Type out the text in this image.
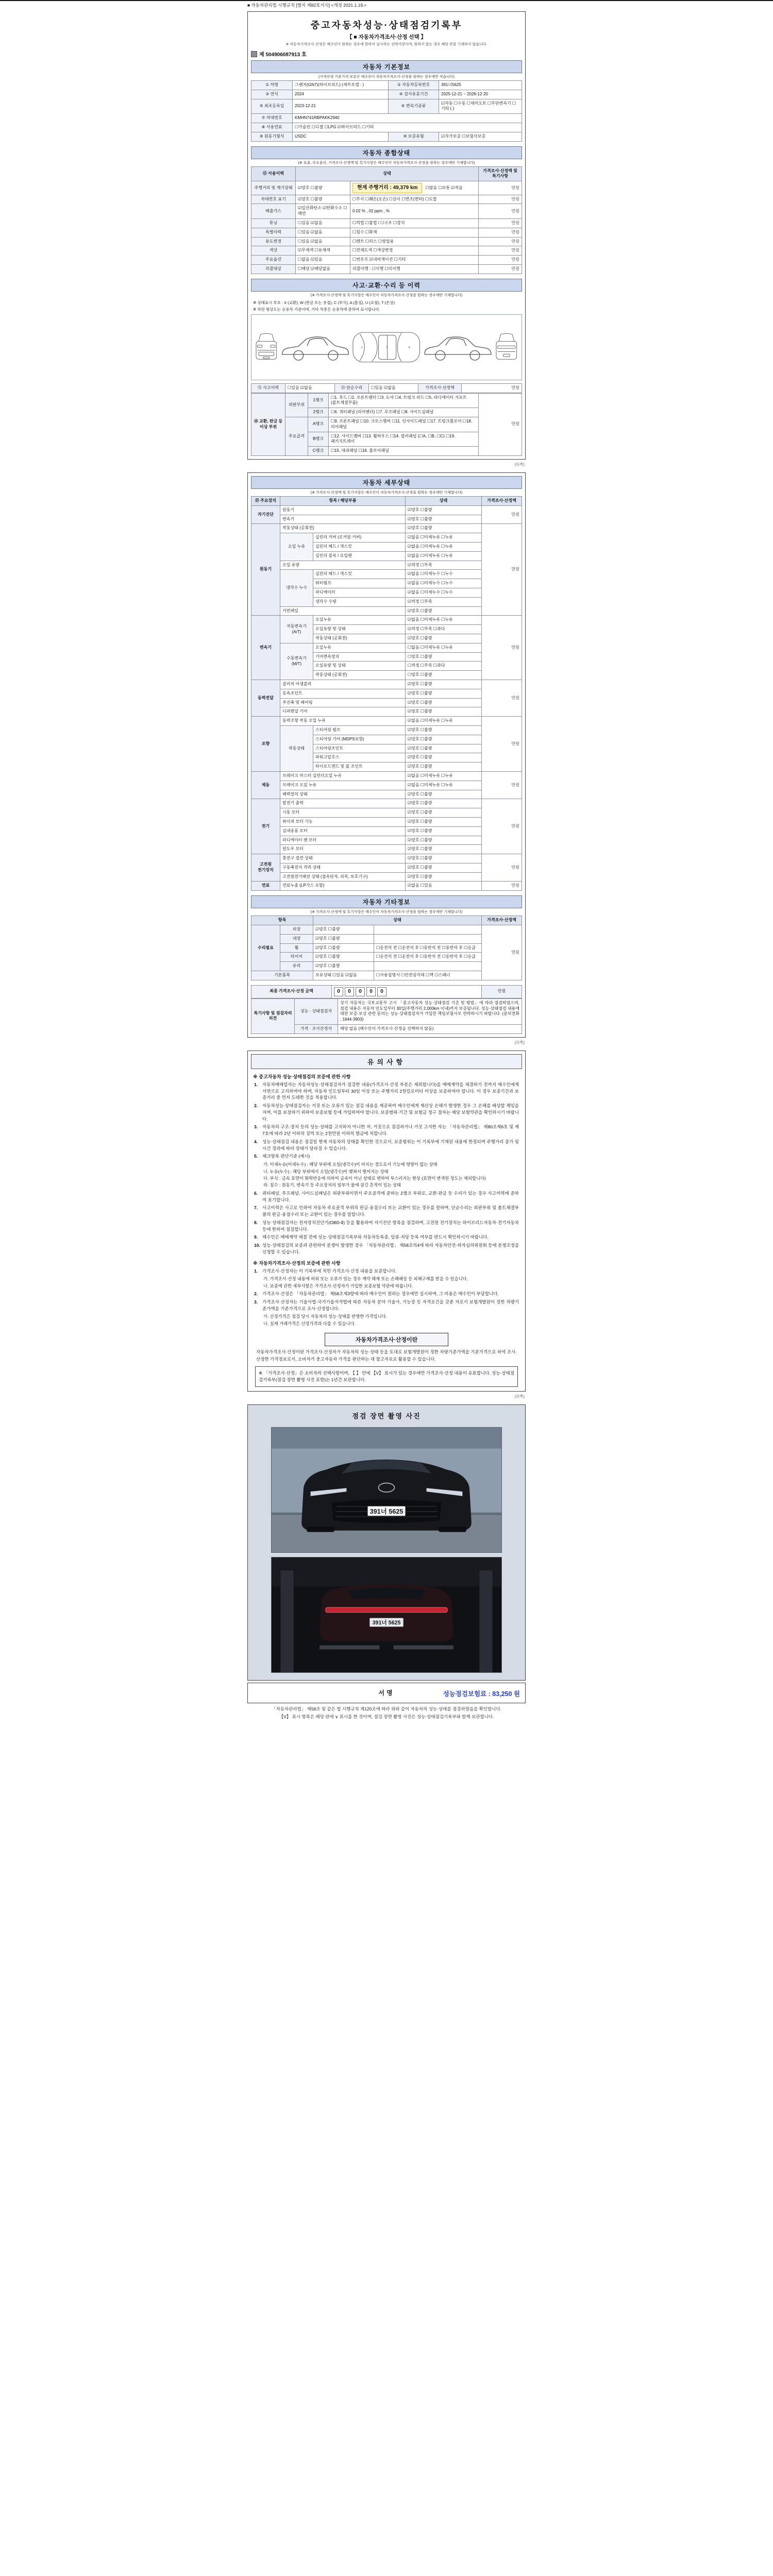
■ 자동차관리법 시행규칙 [별지 제82호서식] <개정 2021.1.19.>
중고자동차성능·상태점검기록부
【 ■ 자동차가격조사·산정 선택 】
※ 자동차가격조사·산정은 매수인이 원하는 경우에 한하여 실시하는 선택사항이며, 원하지 않는 경우 해당 란을 기재하지 않습니다.
제 504906087913 호
자동차 기본정보
(가격산정 기준가격 부분은 매수인이 자동차가격조사·산정을 원하는 경우에만 적습니다)
① 차명	그랜저(GN7)(하이브리드) (세부모델 : )	② 자동차등록번호	391너5625
③ 연식	2024	④ 검사유효기간	2025-12-21 ~ 2026-12-20
⑤ 최초등록일	2023-12-21	⑥ 변속기종류	☑자동 ☐수동 ☐세미오토 ☐무단변속기 ☐기타 ( )
⑦ 차대번호	KMHN741RBPAKK2940		
⑧ 사용연료	☐가솔린 ☐디젤 ☐LPG ☑하이브리드 ☐기타		
⑨ 원동기형식	USDC	⑩ 보증유형	☑자가보증 ☐보험사보증
자동차 종합상태
(※ 효율, 주요옵션, 가격조사·산정액 및 특기사항은 매수인이 자동차가격조사·산정을 원하는 경우에만 기재합니다)
⑪ 사용이력	상태		가격조사·산정액 및 특기사항
주행거리 및 계기상태	☑양호 ☐불량	현재 주행거리 : 49,379 km ☐많음 ☐보통 ☑적음	만원
차대번호 표기	☑양호 ☐불량	☐부식 ☐훼손(오손) ☐상이 ☐변조(변타) ☐도말	만원
배출가스	☑일산화탄소 ☑탄화수소 ☐매연	0.02 % , 02 ppm , %	만원
튜닝	☐있음 ☑없음	☐적법 ☐불법 / ☐구조 ☐장치	만원
특별이력	☐있음 ☑없음	☐침수 ☐화재	만원
용도변경	☐있음 ☑없음	☐렌트 ☐리스 ☐영업용	만원
색상	☑무채색 ☐유채색	☐전체도색 ☐색상변경	만원
주요옵션	☐없음 ☑있음	☐썬루프 ☑네비게이션 ☐기타	만원
리콜대상	☐해당 ☑해당없음	리콜이행 : ☐이행 ☐미이행	만원
사고·교환·수리 등 이력
(※ 가격조사·산정액 및 특기사항은 매수인이 자동차가격조사·산정을 원하는 경우에만 기재합니다)
※ 상태표시 부호 : X (교환), W (판금 또는 용접), C (부식), A (흠집), U (요철), T (손상)
※ 하단 형상도는 승용차 기준이며, 기타 차종은 승용차에 준하여 표시합니다.
1	7	4
⑫ 사고이력	☐있음 ☑없음	⑬ 단순수리	☐있음 ☑없음	가격조사·산정액	만원
⑭ 교환, 판금 등 이상 부위	외판부위	1랭크	☐1. 후드 ☐2. 프론트펜더 ☐3. 도어 ☐4. 트렁크 리드 ☐5. 라디에이터 서포트 (볼트체결부품)	만원
		2랭크	☐6. 쿼터패널 (리어펜더) ☐7. 루프패널 ☐8. 사이드실패널	
	주요골격	A랭크	☐9. 프론트패널 ☐10. 크로스멤버 ☐11. 인사이드패널 ☐17. 트렁크플로어 ☐18. 리어패널	
		B랭크	☐12. 사이드멤버 ☐13. 휠하우스 ☐14. 필러패널 (☐A, ☐B, ☐C) ☐19. 패키지트레이	
		C랭크	☐15. 대쉬패널 ☐16. 플로어패널	
(뒤쪽)
자동차 세부상태
(※ 가격조사·산정액 및 특기사항은 매수인이 자동차가격조사·산정을 원하는 경우에만 기재합니다)
⑮ 주요장치	항목 / 해당부품		상태	가격조사·산정액
자기진단	원동기		☑양호 ☐불량	만원
	변속기		☑양호 ☐불량	
원동기	작동상태 (공회전)		☑양호 ☐불량	만원
	오일 누유	실린더 커버 (로커암 커버)	☑없음 ☐미세누유 ☐누유	
		실린더 헤드 / 개스킷	☑없음 ☐미세누유 ☐누유	
		실린더 블록 / 오일팬	☑없음 ☐미세누유 ☐누유	
	오일 유량		☑적정 ☐부족	
	냉각수 누수	실린더 헤드 / 개스킷	☑없음 ☐미세누수 ☐누수	
		워터펌프	☑없음 ☐미세누수 ☐누수	
		라디에이터	☑없음 ☐미세누수 ☐누수	
		냉각수 수량	☑적정 ☐부족	
	커먼레일		☑양호 ☐불량	
변속기	자동변속기 (A/T)	오일누유	☑없음 ☐미세누유 ☐누유	만원
		오일유량 및 상태	☑적정 ☐부족 ☐과다	
		작동상태 (공회전)	☑양호 ☐불량	
	수동변속기 (M/T)	오일누유	☐없음 ☐미세누유 ☐누유	
		기어변속장치	☐양호 ☐불량	
		오일유량 및 상태	☐적정 ☐부족 ☐과다	
		작동상태 (공회전)	☐양호 ☐불량	
동력전달	클러치 어셈블리		☑양호 ☐불량	만원
	등속조인트		☑양호 ☐불량	
	추진축 및 베어링		☑양호 ☐불량	
	디퍼렌셜 기어		☑양호 ☐불량	
조향	동력조향 작동 오일 누유		☑없음 ☐미세누유 ☐누유	만원
	작동상태	스티어링 펌프	☑양호 ☐불량	
		스티어링 기어 (MDPS포함)	☑양호 ☐불량	
		스티어링조인트	☑양호 ☐불량	
		파워고압호스	☑양호 ☐불량	
		타이로드엔드 및 볼 조인트	☑양호 ☐불량	
제동	브레이크 마스터 실린더오일 누유		☑없음 ☐미세누유 ☐누유	만원
	브레이크 오일 누유		☑없음 ☐미세누유 ☐누유	
	배력장치 상태		☑양호 ☐불량	
전기	발전기 출력		☑양호 ☐불량	만원
	시동 모터		☑양호 ☐불량	
	와이퍼 모터 기능		☑양호 ☐불량	
	실내송풍 모터		☑양호 ☐불량	
	라디에이터 팬 모터		☑양호 ☐불량	
	윈도우 모터		☑양호 ☐불량	
고전원 전기장치	충전구 절연 상태		☑양호 ☐불량	만원
	구동축전지 격리 상태		☑양호 ☐불량	
	고전원전기배선 상태 (접속단자, 피복, 보호기구)		☑양호 ☐불량	
연료	연료누출 (LP가스 포함)		☑없음 ☐있음	만원
자동차 기타정보
(※ 가격조사·산정액 및 특기사항은 매수인이 자동차가격조사·산정을 원하는 경우에만 기재합니다)
항목		상태		가격조사·산정액
수리필요	외장	☑양호 ☐불량		만원
	내장	☑양호 ☐불량		
	휠	☑양호 ☐불량	☐운전석 전 ☐운전석 후 ☐동반석 전 ☐동반석 후 ☐응급	
	타이어	☑양호 ☐불량	☐운전석 전 ☐운전석 후 ☐동반석 전 ☐동반석 후 ☐응급	
	유리	☑양호 ☐불량		
기본품목		보유상태 ☐있음 ☑없음	☐사용설명서 ☐안전삼각대 ☐잭 ☐스패너	
최종 가격조사·산정 금액	0 0 0 0 0	만원
특기사항 및 점검자의 의견	성능 · 상태점검자	상기 자동차는 국토교통부 고시 「중고자동차 성능·상태점검 기준 및 방법」에 따라 점검하였으며, 점검 내용은 자동차 인도일부터 30일(주행거리 2,000km 이내)까지 보증됩니다. 성능·상태점검 내용에 대한 보증·보상 관련 문의는 성능·상태점검자가 가입한 책임보험사로 연락하시기 바랍니다. (문의전화 : 1644-3903)
	가격 · 조사산정자	해당 없음 (매수인이 가격조사·산정을 선택하지 않음)
(뒤쪽)
유의사항
※ 중고자동차 성능·상태점검의 보증에 관한 사항
1.	자동차매매업자는 자동차성능·상태점검자가 점검한 내용(가격조사·산정 부분은 제외합니다)을 매매계약을 체결하기 전까지 매수인에게 서면으로 고지하여야 하며, 자동차 인도일부터 30일 이상 또는 주행거리 2천킬로미터 이상을 보증하여야 합니다. 이 경우 보증기간과 보증거리 중 먼저 도래한 것을 적용합니다.
2.	자동차성능·상태점검자는 거짓 또는 오류가 있는 점검 내용을 제공하여 매수인에게 재산상 손해가 발생한 경우 그 손해를 배상할 책임을 지며, 이를 보장하기 위하여 보증보험 등에 가입하여야 합니다. 보증범위·기간 및 보험금 청구 절차는 해당 보험약관을 확인하시기 바랍니다.
3.	자동차의 구조·장치 등의 성능·상태를 고지하지 아니한 자, 거짓으로 점검하거나 거짓 고지한 자는 「자동차관리법」 제80조제6호 및 제7호에 따라 2년 이하의 징역 또는 2천만원 이하의 벌금에 처합니다.
4.	성능·상태점검 내용은 점검일 현재 자동차의 상태를 확인한 것으로서, 보증범위는 이 기록부에 기재된 내용에 한정되며 주행거리 증가 및 시간 경과에 따라 상태가 달라질 수 있습니다.
5.	체크항목 판단기준 (예시)
가. 미세누유(미세누수) : 해당 부위에 오일(냉각수)이 비치는 정도로서 기능에 영향이 없는 상태
나. 누유(누수) : 해당 부위에서 오일(냉각수)이 맺혀서 떨어지는 상태
다. 부식 : 금속 표면이 화학반응에 의하여 금속이 아닌 상태로 변하여 부스러지는 현상 (표면이 변색된 정도는 제외합니다)
라. 침수 : 원동기, 변속기 등 주요장치의 일부가 물에 잠긴 흔적이 있는 상태
6.	쿼터패널, 루프패널, 사이드실패널은 외판부위이면서 주요골격에 준하는 2랭크 부위로, 교환·판금 등 수리가 있는 경우 사고이력에 준하여 표기합니다.
7.	사고이력은 사고로 인하여 자동차 주요골격 부위의 판금·용접수리 또는 교환이 있는 경우를 말하며, 단순수리는 외판부위 및 볼트체결부품의 판금·용접수리 또는 교환이 있는 경우를 말합니다.
8.	성능·상태점검자는 전자장치진단기(OBD-Ⅱ) 등을 활용하여 자기진단 항목을 점검하며, 고전원 전기장치는 하이브리드자동차·전기자동차 등에 한하여 점검합니다.
9.	매수인은 매매계약 체결 전에 성능·상태점검기록부와 자동차등록증, 압류·저당 등록 여부를 반드시 확인하시기 바랍니다.
10. 성능·상태점검의 보증과 관련하여 분쟁이 발생한 경우 「자동차관리법」 제58조의4에 따라 자동차안전·하자심의위원회 등에 분쟁조정을 신청할 수 있습니다.
※ 자동차가격조사·산정의 보증에 관한 사항
1.	가격조사·산정자는 이 기록부에 적힌 가격조사·산정 내용을 보증합니다.
가. 가격조사·산정 내용에 허위 또는 오류가 있는 경우 계약 해제 또는 손해배상 등 피해구제를 받을 수 있습니다.
나. 보증에 관한 세부사항은 가격조사·산정자가 가입한 보증보험 약관에 따릅니다.
2.	가격조사·산정은 「자동차관리법」 제58조제3항에 따라 매수인이 원하는 경우에만 실시하며, 그 비용은 매수인이 부담합니다.
3.	가격조사·산정자는 기술사법·국가기술자격법에 따른 자동차 분야 기술사, 기능장 등 자격요건을 갖춘 자로서 보험개발원이 정한 차량기준가액을 기준가격으로 조사·산정합니다.
가. 산정가격은 점검 당시 자동차의 성능·상태를 반영한 가격입니다.
나. 실제 거래가격은 산정가격과 다를 수 있습니다.
자동차가격조사·산정이란
자동차가격조사·산정이란 가격조사·산정자가 자동차의 성능·상태 등을 토대로 보험개발원이 정한 차량기준가액을 기준가격으로 하여 조사·산정한 가격정보로서, 소비자가 중고자동차 가격을 판단하는 데 참고자료로 활용할 수 있습니다.
※ 「가격조사·산정」은 소비자의 선택사항이며, 【 】 안에 【V】 표시가 있는 경우에만 가격조사·산정 내용이 유효합니다. 성능·상태점검기록부(점검 장면 촬영 사진 포함)는 1년간 보관합니다.
(뒤쪽)
점검 장면 촬영 사진
391너 5625
391너 5625
서명	성능점검보험료 : 83,250 원
「자동차관리법」 제58조 및 같은 법 시행규칙 제120조에 따라 위와 같이 자동차의 성능·상태를 점검하였음을 확인합니다.
【V】 표시 항목은 해당 란에 ∨ 표시를 한 것이며, 점검 장면 촬영 사진은 성능·상태점검기록부와 함께 보관합니다.
